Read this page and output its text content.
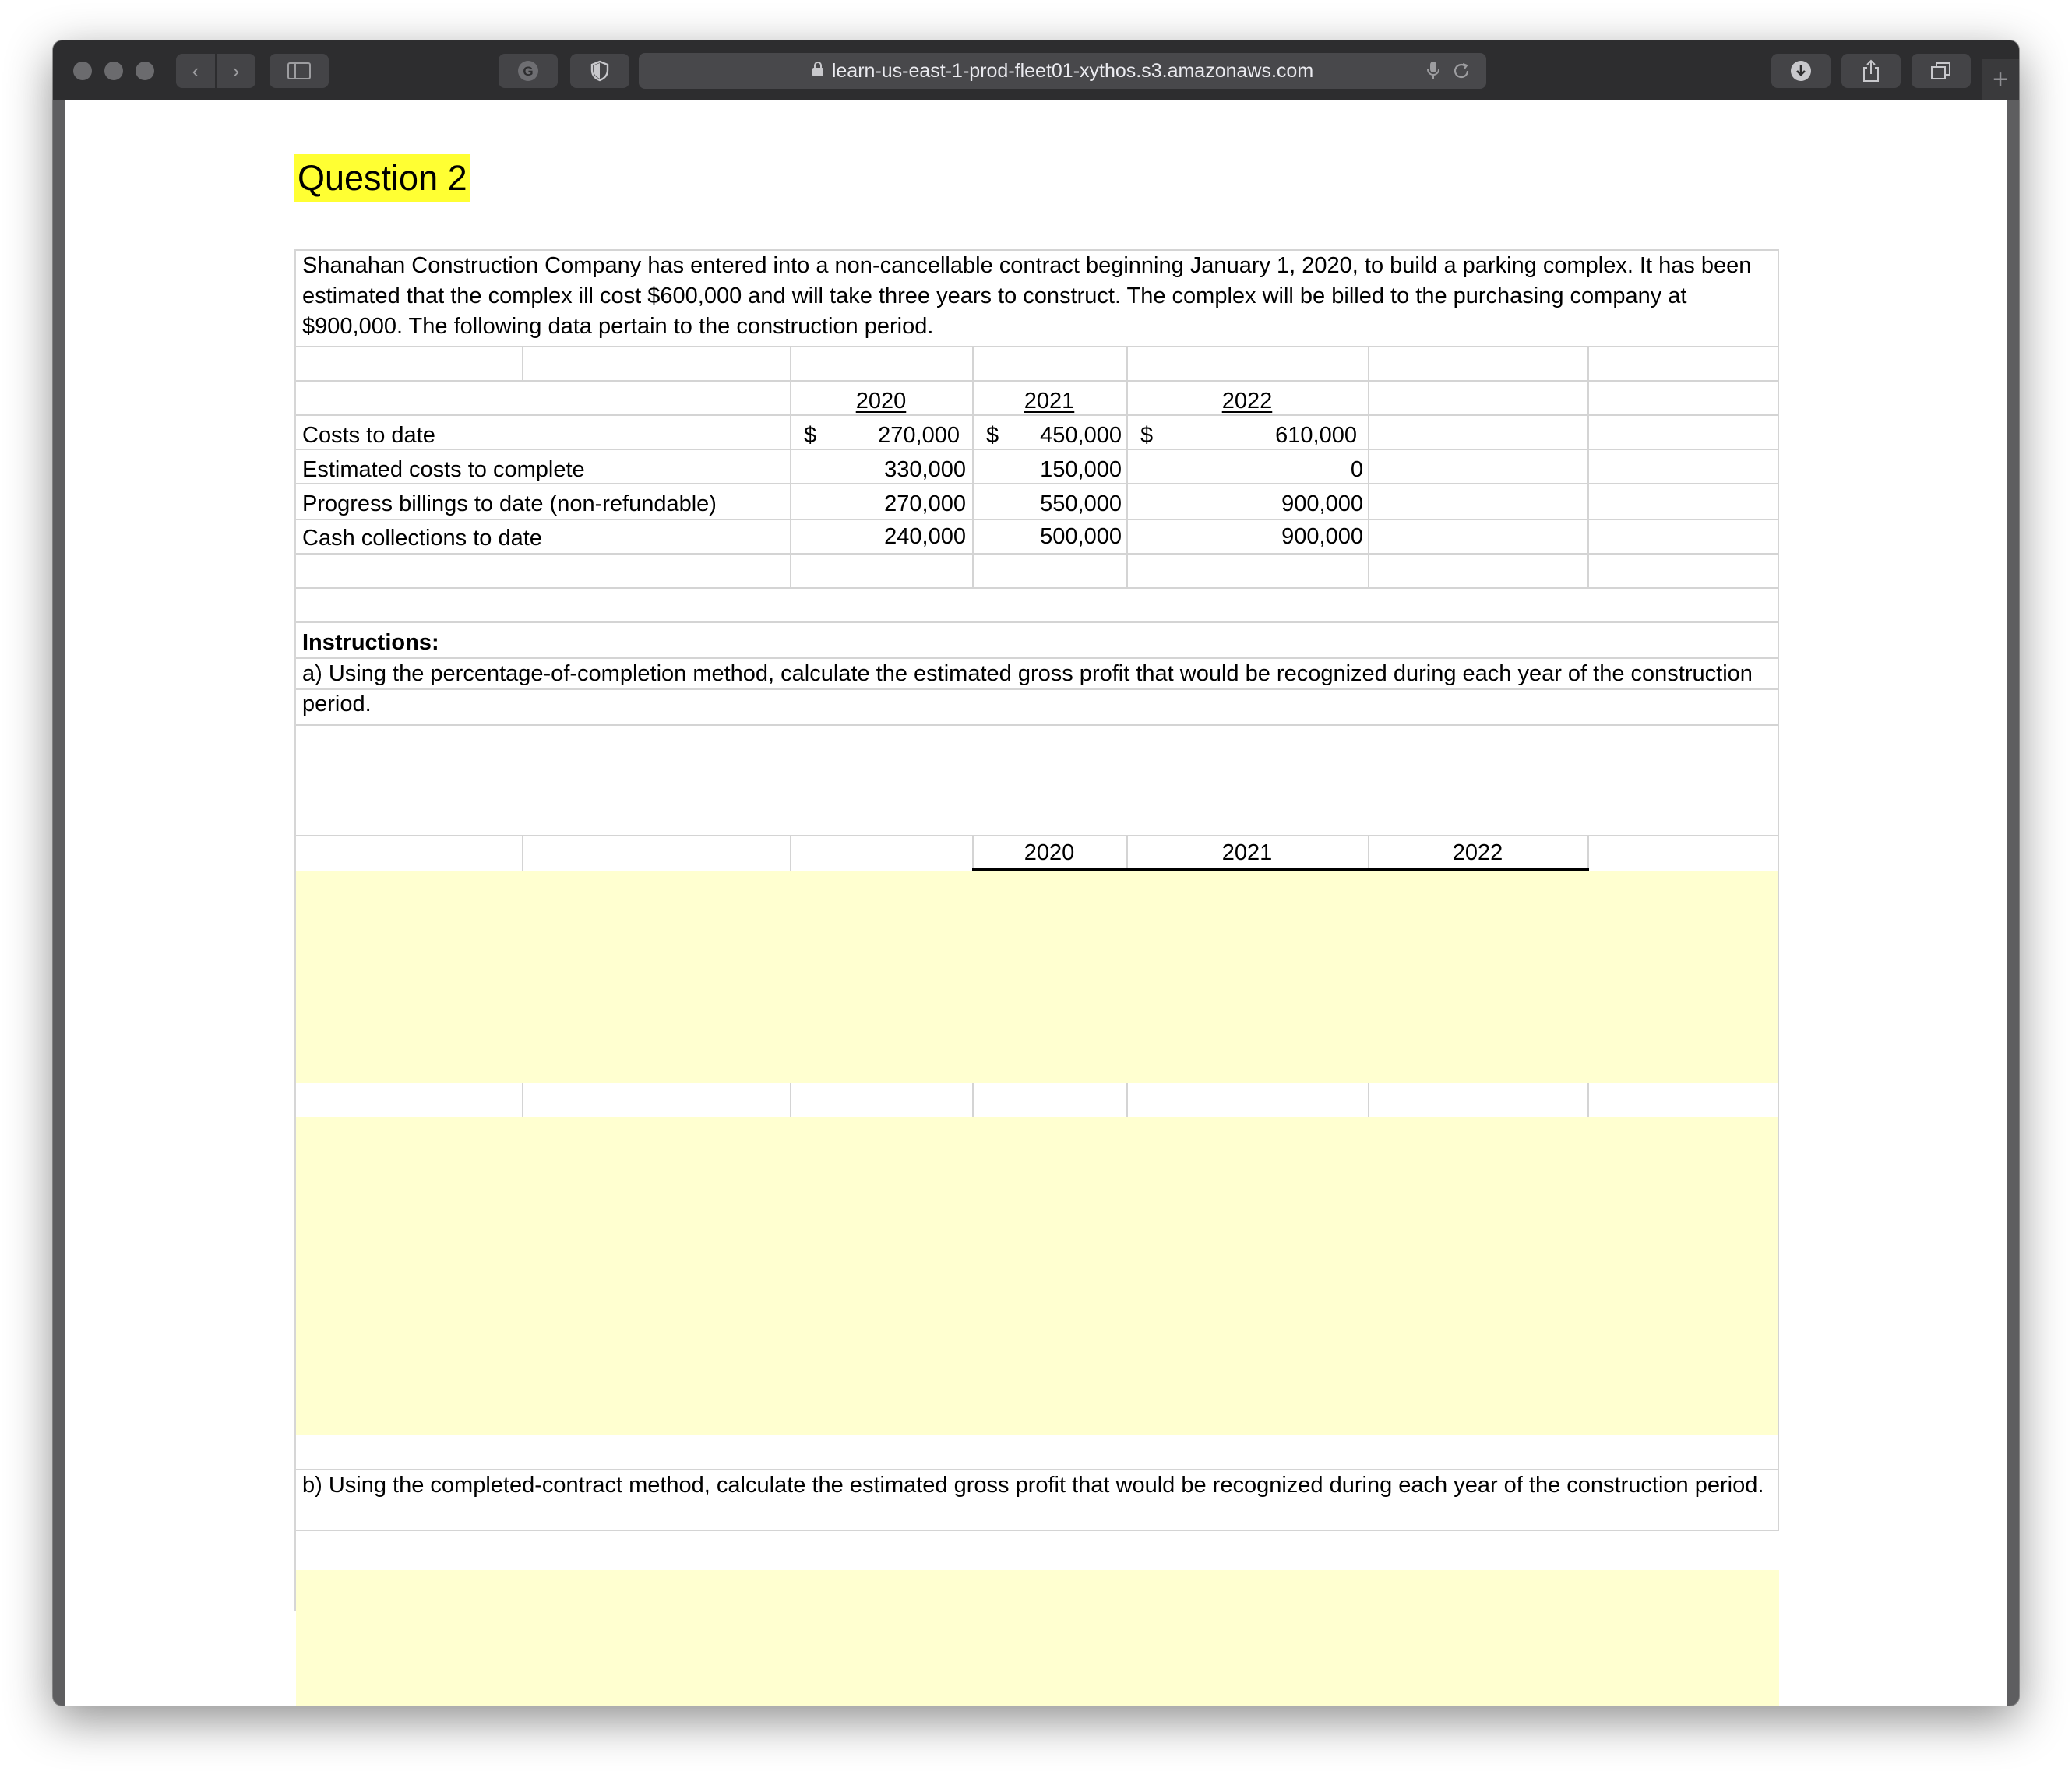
‹ ›	G	learn-us-east-1-prod-fleet01-xythos.s3.amazonaws.com	+
Question 2
Shanahan Construction Company has entered into a non-cancellable contract beginning January 1, 2020, to build a parking complex. It has been estimated that the complex ill cost $600,000 and will take three years to construct. The complex will be billed to the purchasing company at $900,000. The following data pertain to the construction period.
2020	2021	2022
Costs to date	$	270,000 $	450,000 $	610,000
Estimated costs to complete	330,000	150,000	0
Progress billings to date (non-refundable)	270,000	550,000	900,000
Cash collections to date	240,000	500,000	900,000
Instructions:
a) Using the percentage-of-completion method, calculate the estimated gross profit that would be recognized during each year of the construction period.
2020	2021	2022
b) Using the completed-contract method, calculate the estimated gross profit that would be recognized during each year of the construction period.
